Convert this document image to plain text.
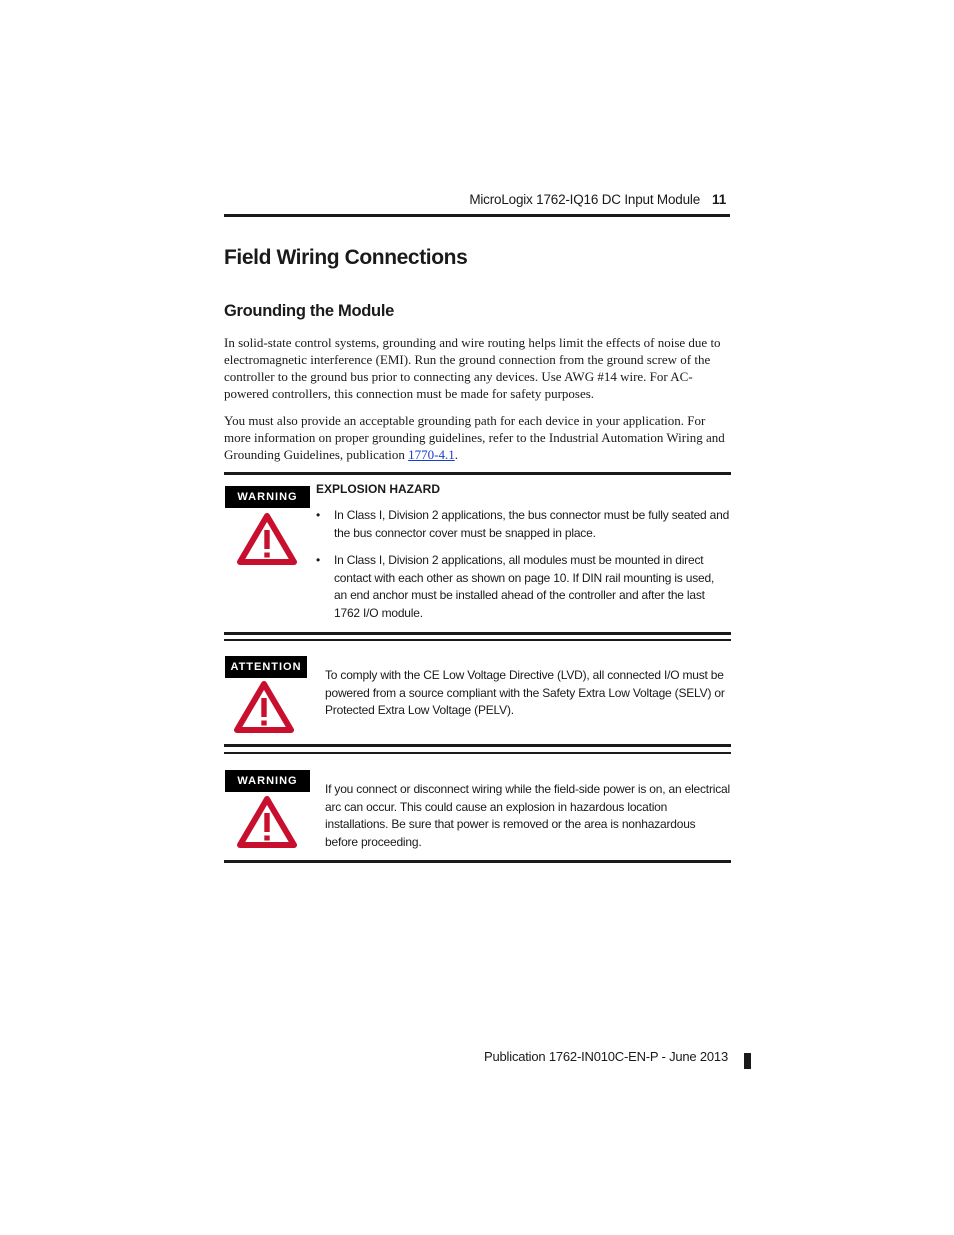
MicroLogix 1762-IQ16 DC Input Module 11
Field Wiring Connections
Grounding the Module

In solid-state control systems, grounding and wire routing helps limit the effects of noise due to electromagnetic interference (EMI). Run the ground connection from the ground screw of the controller to the ground bus prior to connecting any devices. Use AWG #14 wire. For AC-powered controllers, this connection must be made for safety purposes.

You must also provide an acceptable grounding path for each device in your application. For more information on proper grounding guidelines, refer to the Industrial Automation Wiring and Grounding Guidelines, publication 1770-4.1.

WARNING
EXPLOSION HAZARD
• In Class I, Division 2 applications, the bus connector must be fully seated and the bus connector cover must be snapped in place.
• In Class I, Division 2 applications, all modules must be mounted in direct contact with each other as shown on page 10. If DIN rail mounting is used, an end anchor must be installed ahead of the controller and after the last 1762 I/O module.
ATTENTION

To comply with the CE Low Voltage Directive (LVD), all connected I/O must be powered from a source compliant with the Safety Extra Low Voltage (SELV) or Protected Extra Low Voltage (PELV).

WARNING

If you connect or disconnect wiring while the field-side power is on, an electrical arc can occur. This could cause an explosion in hazardous location installations. Be sure that power is removed or the area is nonhazardous before proceeding.

Publication 1762-IN010C-EN-P - June 2013
